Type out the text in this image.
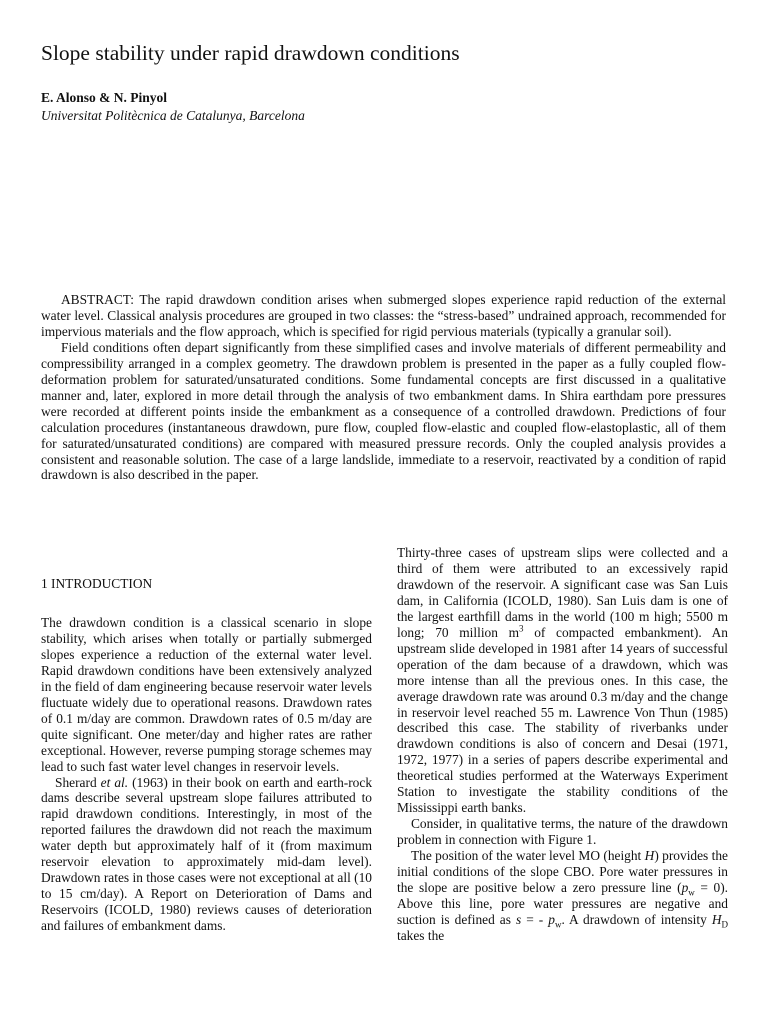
Slope stability under rapid drawdown conditions
E. Alonso & N. Pinyol
Universitat Politècnica de Catalunya, Barcelona

ABSTRACT: The rapid drawdown condition arises when submerged slopes experience rapid reduction of the external water level. Classical analysis procedures are grouped in two classes: the “stress-based” undrained approach, recommended for impervious materials and the flow approach, which is specified for rigid pervious materials (typically a granular soil).

Field conditions often depart significantly from these simplified cases and involve materials of different permeability and compressibility arranged in a complex geometry. The drawdown problem is presented in the paper as a fully coupled flow-deformation problem for saturated/unsaturated conditions. Some fundamental concepts are first discussed in a qualitative manner and, later, explored in more detail through the analysis of two embankment dams. In Shira earthdam pore pressures were recorded at different points inside the embankment as a consequence of a controlled drawdown. Predictions of four calculation procedures (instantaneous drawdown, pure flow, coupled flow-elastic and coupled flow-elastoplastic, all of them for saturated/unsaturated conditions) are compared with measured pressure records. Only the coupled analysis provides a consistent and reasonable solution. The case of a large landslide, immediate to a reservoir, reactivated by a condition of rapid drawdown is also described in the paper.

1 INTRODUCTION

The drawdown condition is a classical scenario in slope stability, which arises when totally or partially submerged slopes experience a reduction of the external water level. Rapid drawdown conditions have been extensively analyzed in the field of dam engineering because reservoir water levels fluctuate widely due to operational reasons. Drawdown rates of 0.1 m/day are common. Drawdown rates of 0.5 m/day are quite significant. One meter/day and higher rates are rather exceptional. However, reverse pumping storage schemes may lead to such fast water level changes in reservoir levels.

Sherard et al. (1963) in their book on earth and earth-rock dams describe several upstream slope failures attributed to rapid drawdown conditions. Interestingly, in most of the reported failures the drawdown did not reach the maximum water depth but approximately half of it (from maximum reservoir elevation to approximately mid-dam level). Drawdown rates in those cases were not exceptional at all (10 to 15 cm/day). A Report on Deterioration of Dams and Reservoirs (ICOLD, 1980) reviews causes of deterioration and failures of embankment dams.

Thirty-three cases of upstream slips were collected and a third of them were attributed to an excessively rapid drawdown of the reservoir. A significant case was San Luis dam, in California (ICOLD, 1980). San Luis dam is one of the largest earthfill dams in the world (100 m high; 5500 m long; 70 million $m^3$ of compacted embankment). An upstream slide developed in 1981 after 14 years of successful operation of the dam because of a drawdown, which was more intense than all the previous ones. In this case, the average drawdown rate was around 0.3 m/day and the change in reservoir level reached 55 m. Lawrence Von Thun (1985) described this case. The stability of riverbanks under drawdown conditions is also of concern and Desai (1971, 1972, 1977) in a series of papers describe experimental and theoretical studies performed at the Waterways Experiment Station to investigate the stability conditions of the Mississippi earth banks.

Consider, in qualitative terms, the nature of the drawdown problem in connection with Figure 1.

The position of the water level MO (height H) provides the initial conditions of the slope CBO. Pore water pressures in the slope are positive below a zero pressure line $(p_w = 0)$. Above this line, pore water pressures are negative and suction is defined as s = - $p_w$. A drawdown of intensity $H_D$ takes the
